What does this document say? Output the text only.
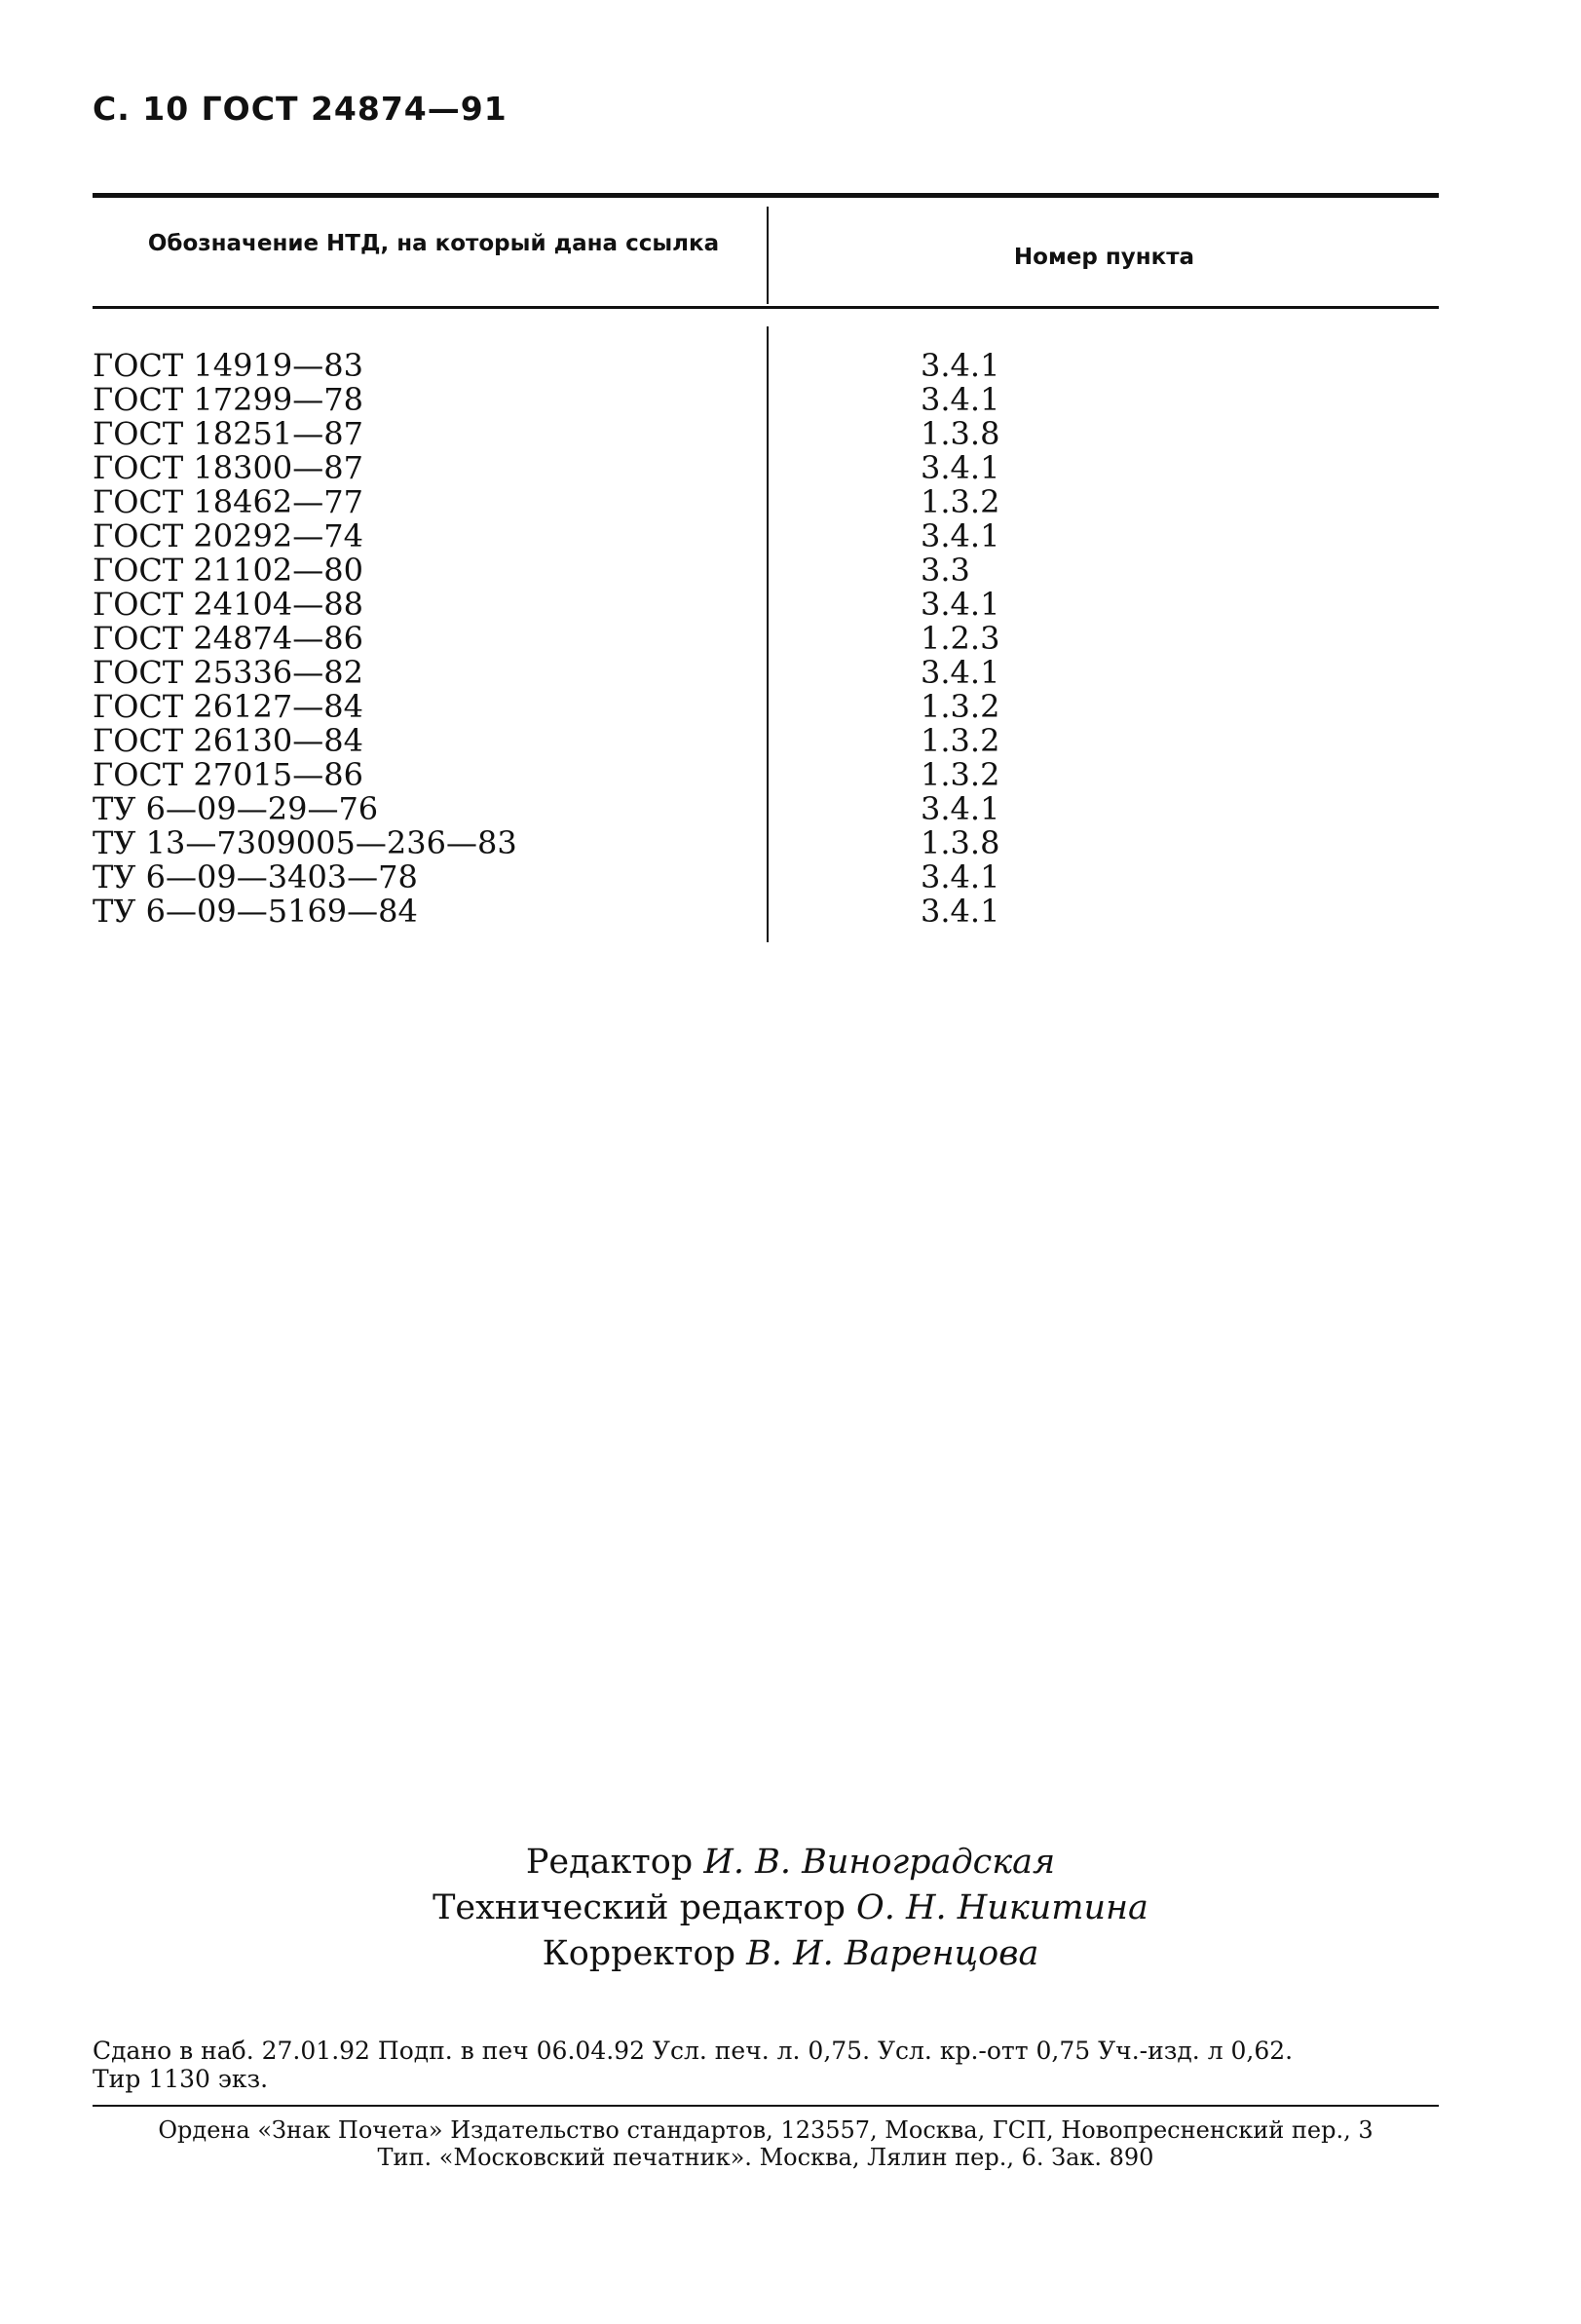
С. 10 ГОСТ 24874—91
Обозначение НТД, на который дана ссылка
Номер пункта
ГОСТ 14919—83
ГОСТ 17299—78
ГОСТ 18251—87
ГОСТ 18300—87
ГОСТ 18462—77
ГОСТ 20292—74
ГОСТ 21102—80
ГОСТ 24104—88
ГОСТ 24874—86
ГОСТ 25336—82
ГОСТ 26127—84
ГОСТ 26130—84
ГОСТ 27015—86
ТУ 6—09—29—76
ТУ 13—7309005—236—83
ТУ 6—09—3403—78
ТУ 6—09—5169—84
3.4.1
3.4.1
1.3.8
3.4.1
1.3.2
3.4.1
3.3
3.4.1
1.2.3
3.4.1
1.3.2
1.3.2
1.3.2
3.4.1
1.3.8
3.4.1
3.4.1
Редактор И. В. Виноградская
Технический редактор О. Н. Никитина
Корректор В. И. Варенцова
Сдано в наб. 27.01.92 Подп. в печ 06.04.92 Усл. печ. л. 0,75. Усл. кр.-отт 0,75 Уч.-изд. л 0,62.
Тир 1130 экз.
Ордена «Знак Почета» Издательство стандартов, 123557, Москва, ГСП, Новопресненский пер., 3
Тип. «Московский печатник». Москва, Лялин пер., 6. Зак. 890
